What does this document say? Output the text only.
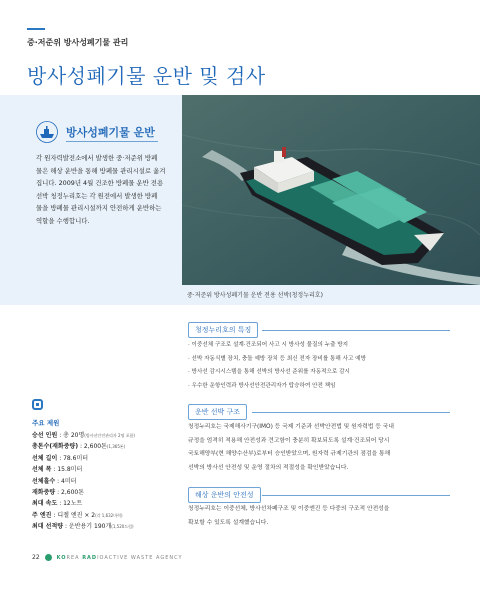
중·저준위 방사성폐기물 관리
방사성폐기물 운반 및 검사
중·저준위 방사성폐기물 운반 전용 선박(청정누리호)
방사성폐기물 운반
각 원자력발전소에서 발생한 중·저준위 방폐
물은 해상 운반을 통해 방폐물 관리시설로 옮겨
집니다. 2009년 4월 건조한 방폐물 운반 전용
선박 청정누리호는 각 원전에서 발생한 방폐
물을 방폐물 관리시설까지 안전하게 운반하는
역할을 수행합니다.
청정누리호의 특징
· 이중선체 구조로 설계·건조되어 사고 시 방사성 물질의 누출 방지
· 선박 자동식별 장치, 충돌 예방 장치 등 최신 전자 장비를 통해 사고 예방
· 방사선 감시시스템을 통해 선박의 방사선 준위를 자동적으로 감시
· 우수한 운항인력과 방사선안전관리자가 탑승하여 안전 책임
운반 선박 구조
청정누리호는 국제해사기구(IMO) 등 국제 기준과 선박안전법 및 원자력법 등 국내
규정을 엄격히 적용해 안전성과 견고함이 충분히 확보되도록 설계·건조되어 당시
국토해양부(현 해양수산부)로부터 승인받았으며, 원자력 규제기관의 점검을 통해
선박의 방사선 안전성 및 운영 절차의 적절성을 확인받았습니다.
해상 운반의 안전성
청정누리호는 이중선체, 방사선차폐구조 및 이중엔진 등 다중의 구조적 안전성을
확보할 수 있도록 설계했습니다.
주요 제원
승선 인원 : 총 20명(방사선안전관리자 2명 포함)
총톤수(재화중량) : 2,600톤(1,365톤)
선체 길이 : 78.6미터
선체 폭 : 15.8미터
선체흘수 : 4미터
재화중량 : 2,600톤
최대 속도 : 12노트
주 엔진 : 디젤 엔진 × 2(각 1,632마력)
최대 선적량 : 운반용기 190개(1,520드럼)
22	KOREA RADIOACTIVE WASTE AGENCY
